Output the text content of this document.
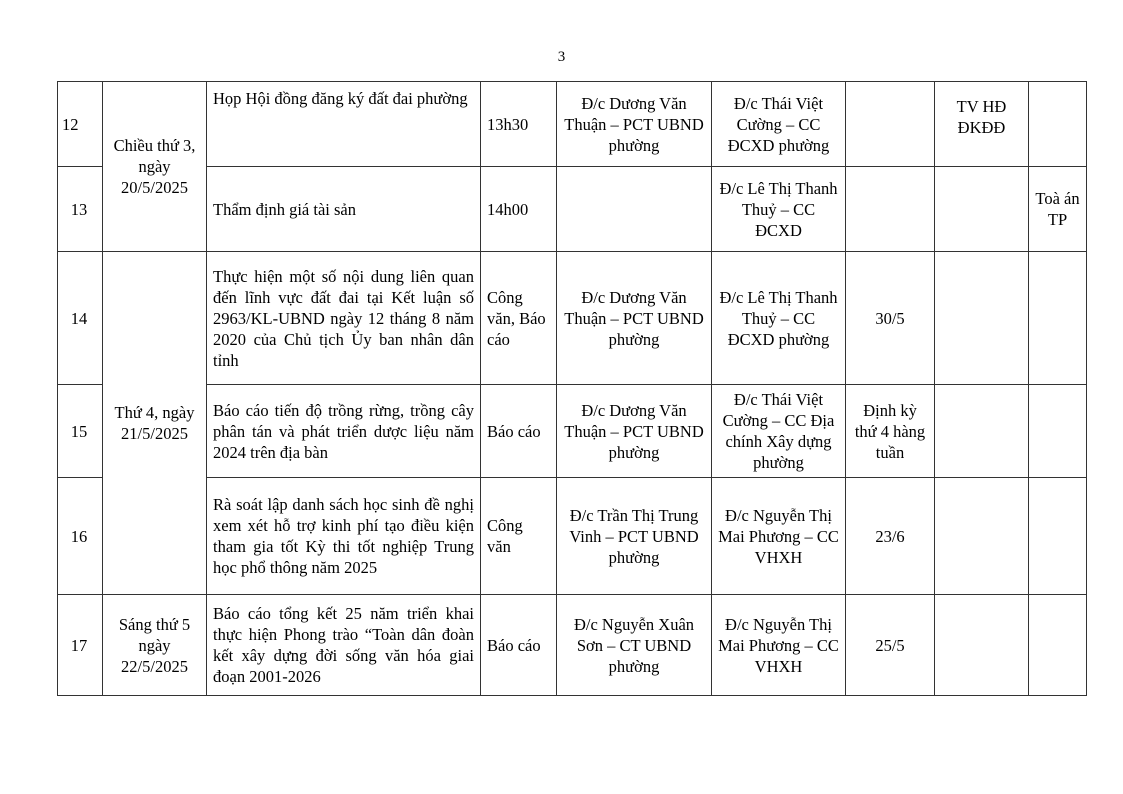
3
12	Chiều thứ 3, ngày 20/5/2025	Họp Hội đồng đăng ký đất đai phường	13h30	Đ/c Dương Văn Thuận – PCT UBND phường	Đ/c Thái Việt Cường – CC ĐCXD phường		TV HĐ ĐKĐĐ	
13		Thẩm định giá tài sản	14h00		Đ/c Lê Thị Thanh Thuỷ – CC ĐCXD			Toà án TP
14	Thứ 4, ngày 21/5/2025	Thực hiện một số nội dung liên quan đến lĩnh vực đất đai tại Kết luận số 2963/KL-UBND ngày 12 tháng 8 năm 2020 của Chủ tịch Ủy ban nhân dân tỉnh	Công văn, Báo cáo	Đ/c Dương Văn Thuận – PCT UBND phường	Đ/c Lê Thị Thanh Thuỷ – CC ĐCXD phường	30/5		
15		Báo cáo tiến độ trồng rừng, trồng cây phân tán và phát triển dược liệu năm 2024 trên địa bàn	Báo cáo	Đ/c Dương Văn Thuận – PCT UBND phường	Đ/c Thái Việt Cường – CC Địa chính Xây dựng phường	Định kỳ thứ 4 hàng tuần		
16		Rà soát lập danh sách học sinh đề nghị xem xét hỗ trợ kinh phí tạo điều kiện tham gia tốt Kỳ thi tốt nghiệp Trung học phổ thông năm 2025	Công văn	Đ/c Trần Thị Trung Vinh – PCT UBND phường	Đ/c Nguyễn Thị Mai Phương – CC VHXH	23/6		
17	Sáng thứ 5 ngày 22/5/2025	Báo cáo tổng kết 25 năm triển khai thực hiện Phong trào “Toàn dân đoàn kết xây dựng đời sống văn hóa giai đoạn 2001-2026	Báo cáo	Đ/c Nguyễn Xuân Sơn – CT UBND phường	Đ/c Nguyễn Thị Mai Phương – CC VHXH	25/5		
